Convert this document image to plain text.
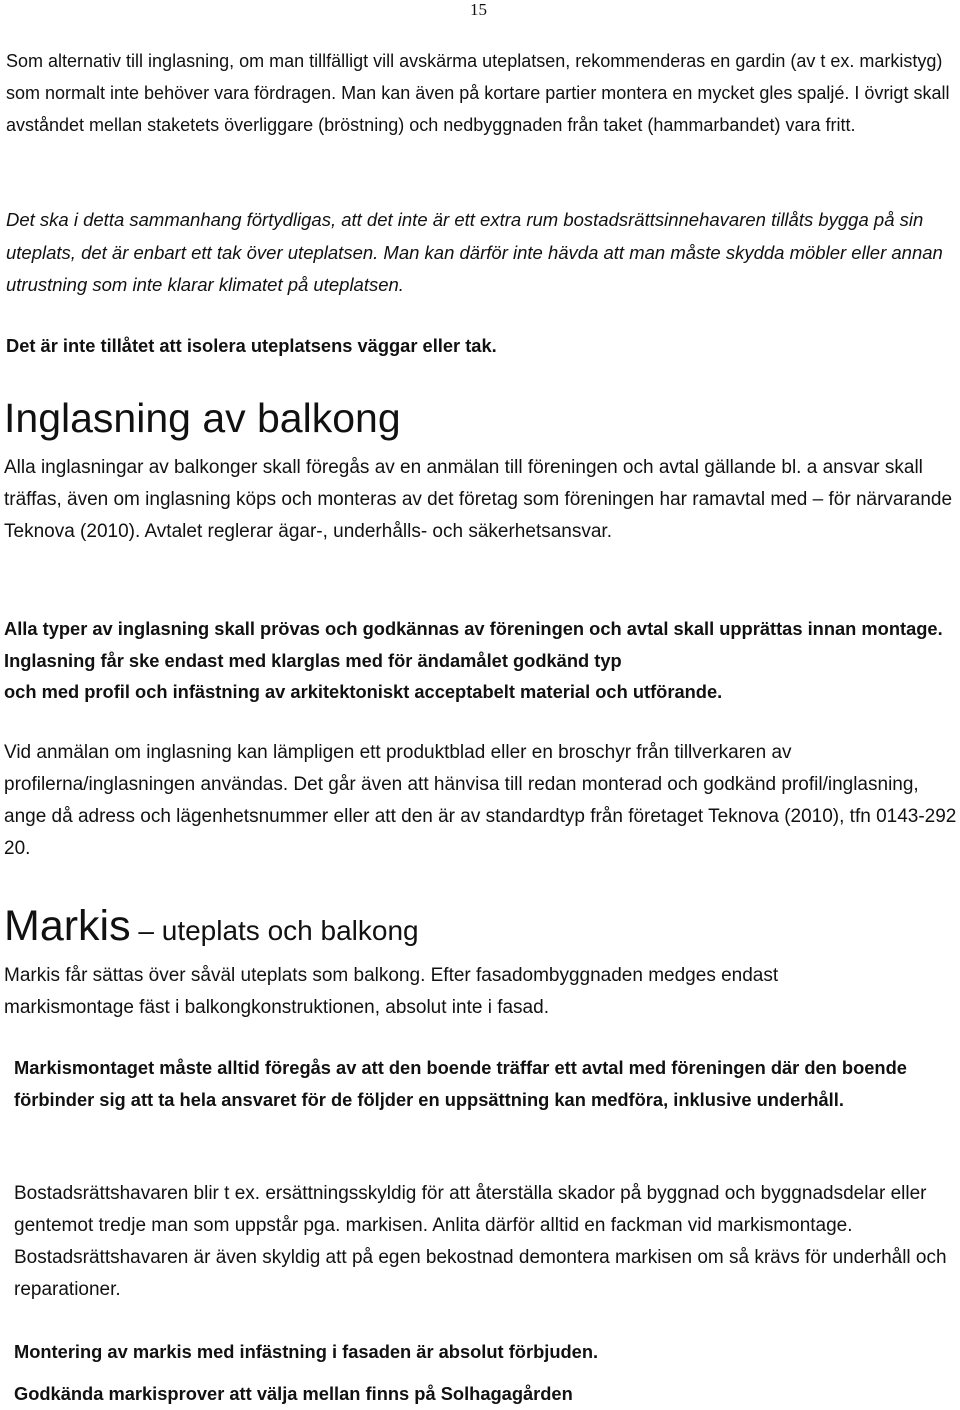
15

Som alternativ till inglasning, om man tillfälligt vill avskärma uteplatsen, rekommenderas en gardin (av t ex. markistyg) som normalt inte behöver vara fördragen. Man kan även på kortare partier montera en mycket gles spaljé. I övrigt skall avståndet mellan staketets överliggare (bröstning) och nedbyggnaden från taket (hammarbandet) vara fritt.

Det ska i detta sammanhang förtydligas, att det inte är ett extra rum bostadsrättsinnehavaren tillåts bygga på sin uteplats, det är enbart ett tak över uteplatsen. Man kan därför inte hävda att man måste skydda möbler eller annan utrustning som inte klarar klimatet på uteplatsen.

Det är inte tillåtet att isolera uteplatsens väggar eller tak.

Inglasning av balkong

Alla inglasningar av balkonger skall föregås av en anmälan till föreningen och avtal gällande bl. a ansvar skall träffas, även om inglasning köps och monteras av det företag som föreningen har ramavtal med – för närvarande Teknova (2010). Avtalet reglerar ägar-, underhålls- och säkerhetsansvar.

Alla typer av inglasning skall prövas och godkännas av föreningen och avtal skall upprättas innan montage. Inglasning får ske endast med klarglas med för ändamålet godkänd typ

och med profil och infästning av arkitektoniskt acceptabelt material och utförande.

Vid anmälan om inglasning kan lämpligen ett produktblad eller en broschyr från tillverkaren av profilerna/inglasningen användas. Det går även att hänvisa till redan monterad och godkänd profil/inglasning, ange då adress och lägenhetsnummer eller att den är av standardtyp från företaget Teknova (2010), tfn 0143-292 20.

Markis – uteplats och balkong

Markis får sättas över såväl uteplats som balkong. Efter fasadombyggnaden medges endast markismontage fäst i balkongkonstruktionen, absolut inte i fasad.

Markismontaget måste alltid föregås av att den boende träffar ett avtal med föreningen där den boende förbinder sig att ta hela ansvaret för de följder en uppsättning kan medföra, inklusive underhåll.

Bostadsrättshavaren blir t ex. ersättningsskyldig för att återställa skador på byggnad och byggnadsdelar eller gentemot tredje man som uppstår pga. markisen. Anlita därför alltid en fackman vid markismontage. Bostadsrättshavaren är även skyldig att på egen bekostnad demontera markisen om så krävs för underhåll och reparationer.

Montering av markis med infästning i fasaden är absolut förbjuden.

Godkända markisprover att välja mellan finns på Solhagagården
